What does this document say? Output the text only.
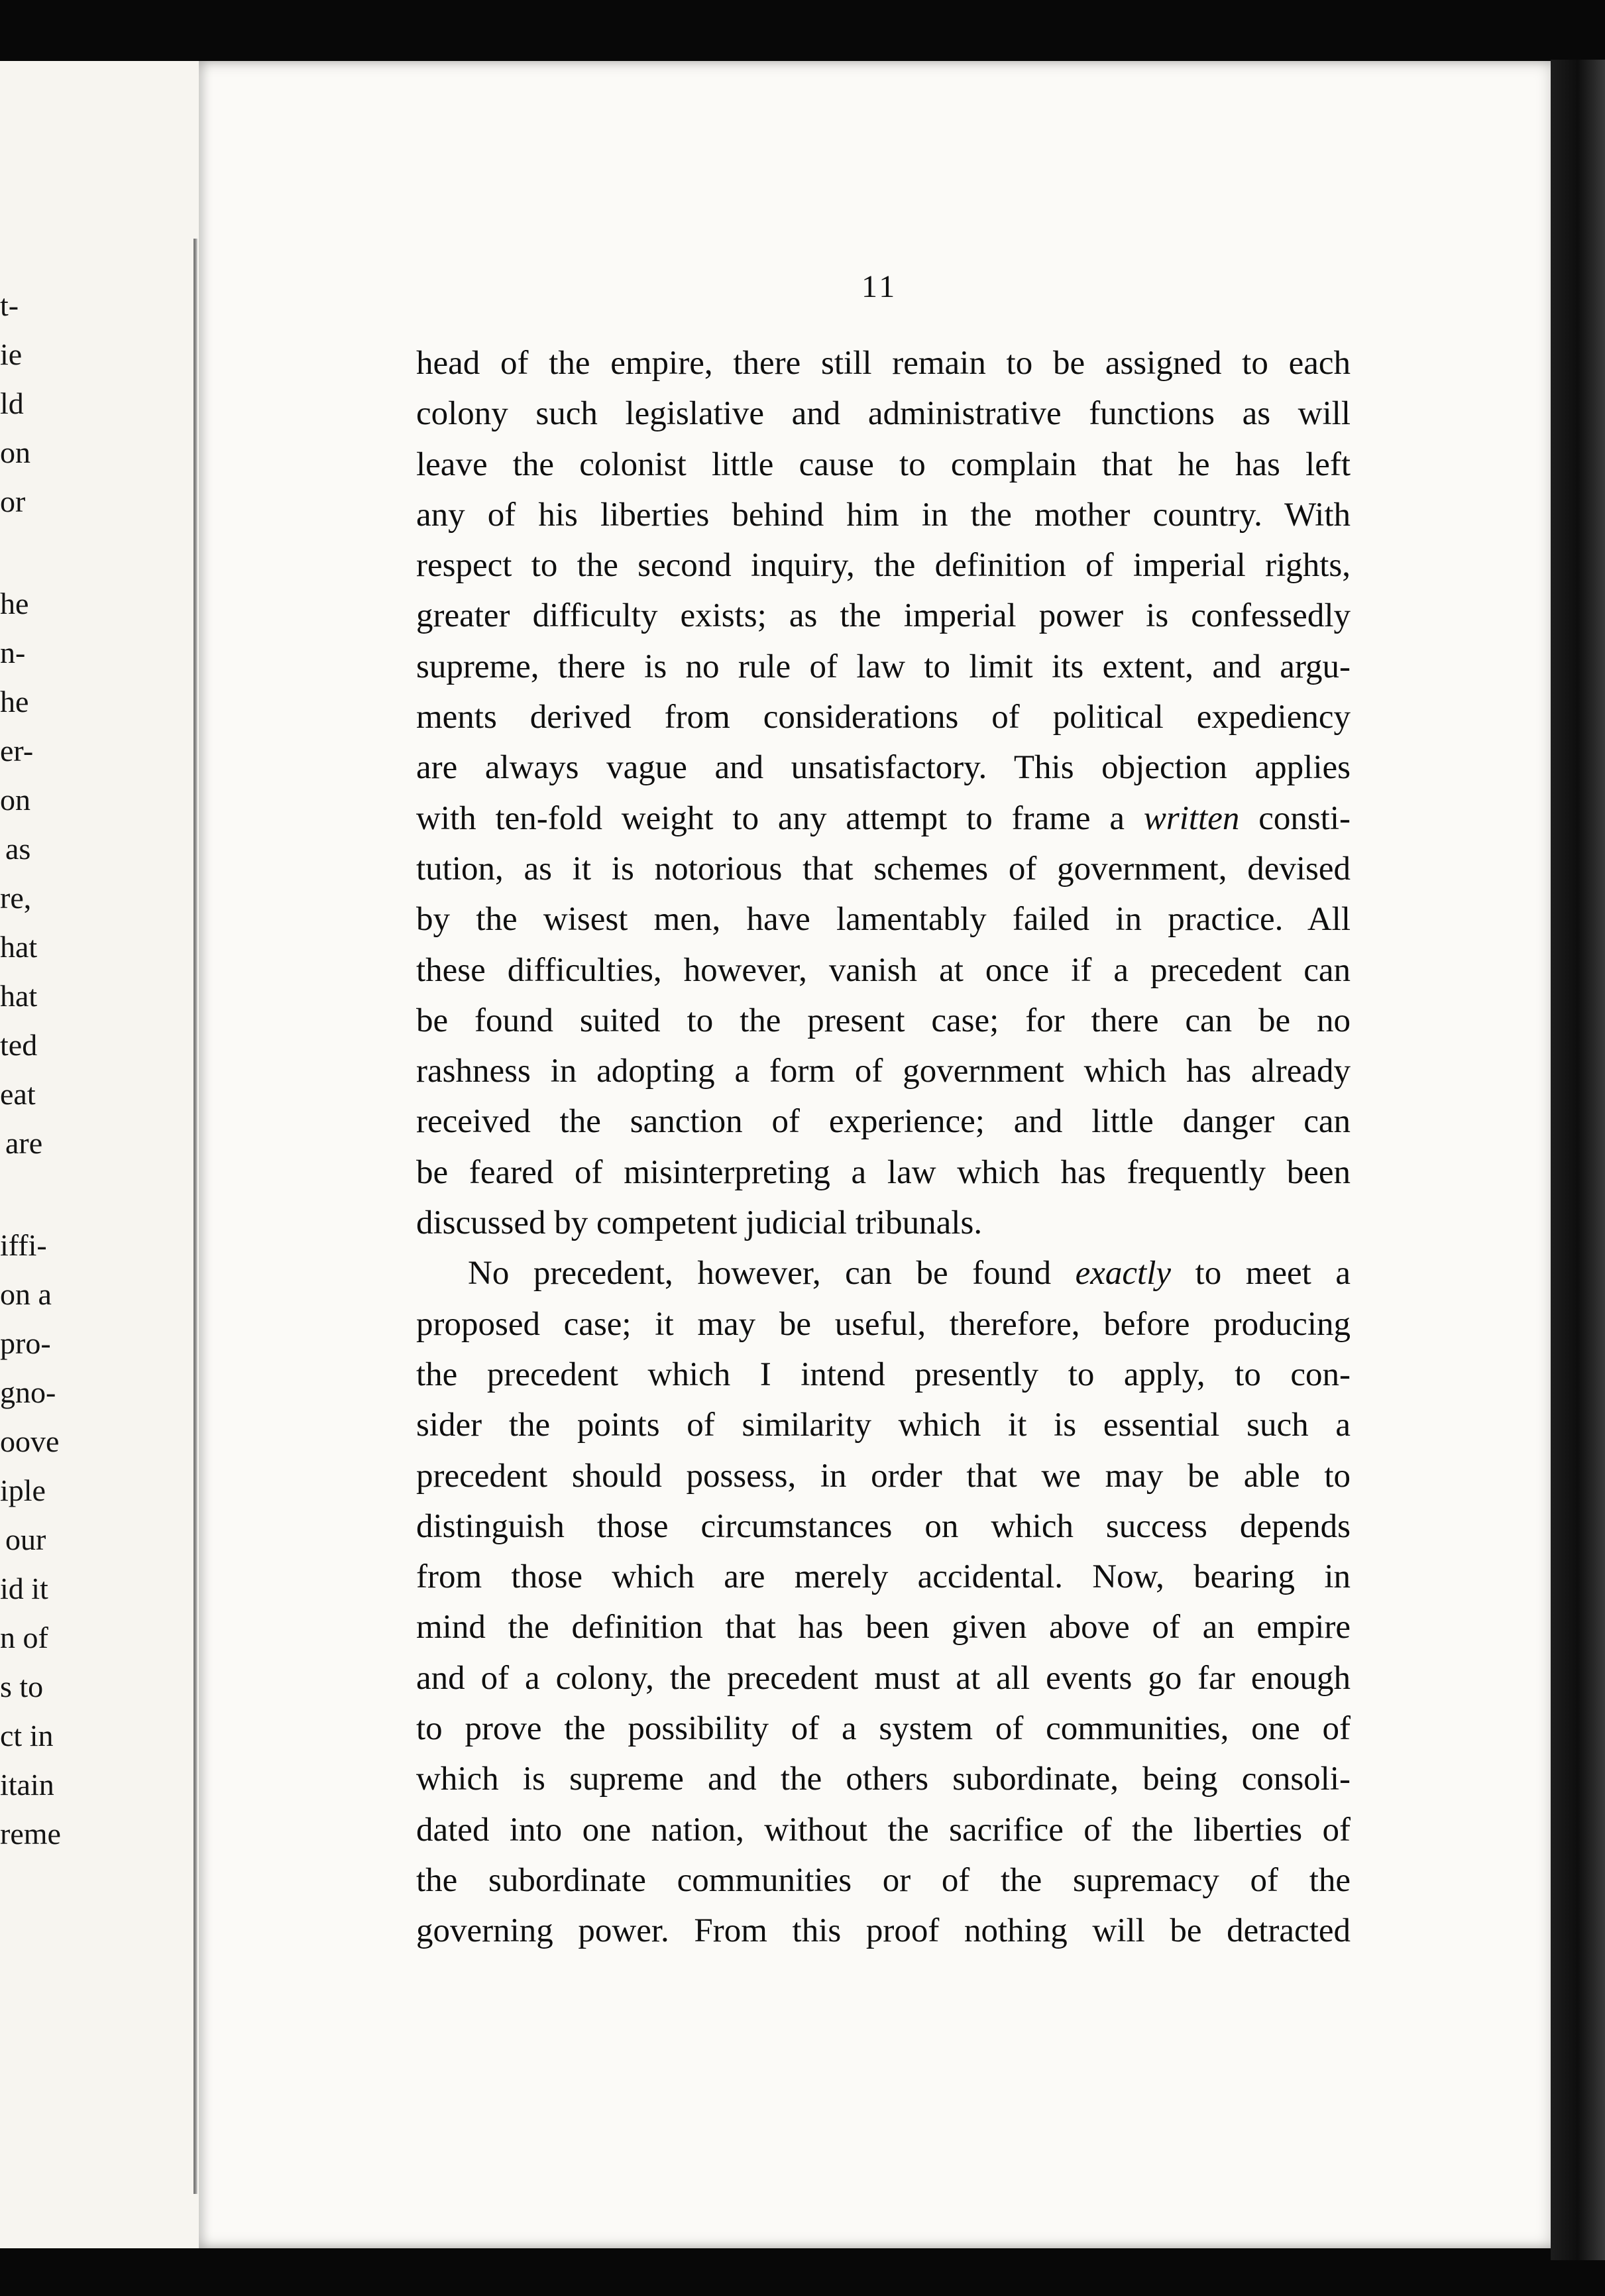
t-
ie
ld
on
or
he
n-
he
er-
on
as
re,
hat
hat
ted
eat
are
iffi-
on a
pro-
gno-
oove
iple
our
id it
n of
s to
ct in
itain
reme
11
head of the empire, there still remain to be assigned to each
colony such legislative and administrative functions as will
leave the colonist little cause to complain that he has left
any of his liberties behind him in the mother country. With
respect to the second inquiry, the definition of imperial rights,
greater difficulty exists; as the imperial power is confessedly
supreme, there is no rule of law to limit its extent, and argu-
ments derived from considerations of political expediency
are always vague and unsatisfactory. This objection applies
with ten-fold weight to any attempt to frame a written consti-
tution, as it is notorious that schemes of government, devised
by the wisest men, have lamentably failed in practice. All
these difficulties, however, vanish at once if a precedent can
be found suited to the present case; for there can be no
rashness in adopting a form of government which has already
received the sanction of experience; and little danger can
be feared of misinterpreting a law which has frequently been
discussed by competent judicial tribunals.
No precedent, however, can be found exactly to meet a
proposed case; it may be useful, therefore, before producing
the precedent which I intend presently to apply, to con-
sider the points of similarity which it is essential such a
precedent should possess, in order that we may be able to
distinguish those circumstances on which success depends
from those which are merely accidental. Now, bearing in
mind the definition that has been given above of an empire
and of a colony, the precedent must at all events go far enough
to prove the possibility of a system of communities, one of
which is supreme and the others subordinate, being consoli-
dated into one nation, without the sacrifice of the liberties of
the subordinate communities or of the supremacy of the
governing power. From this proof nothing will be detracted
